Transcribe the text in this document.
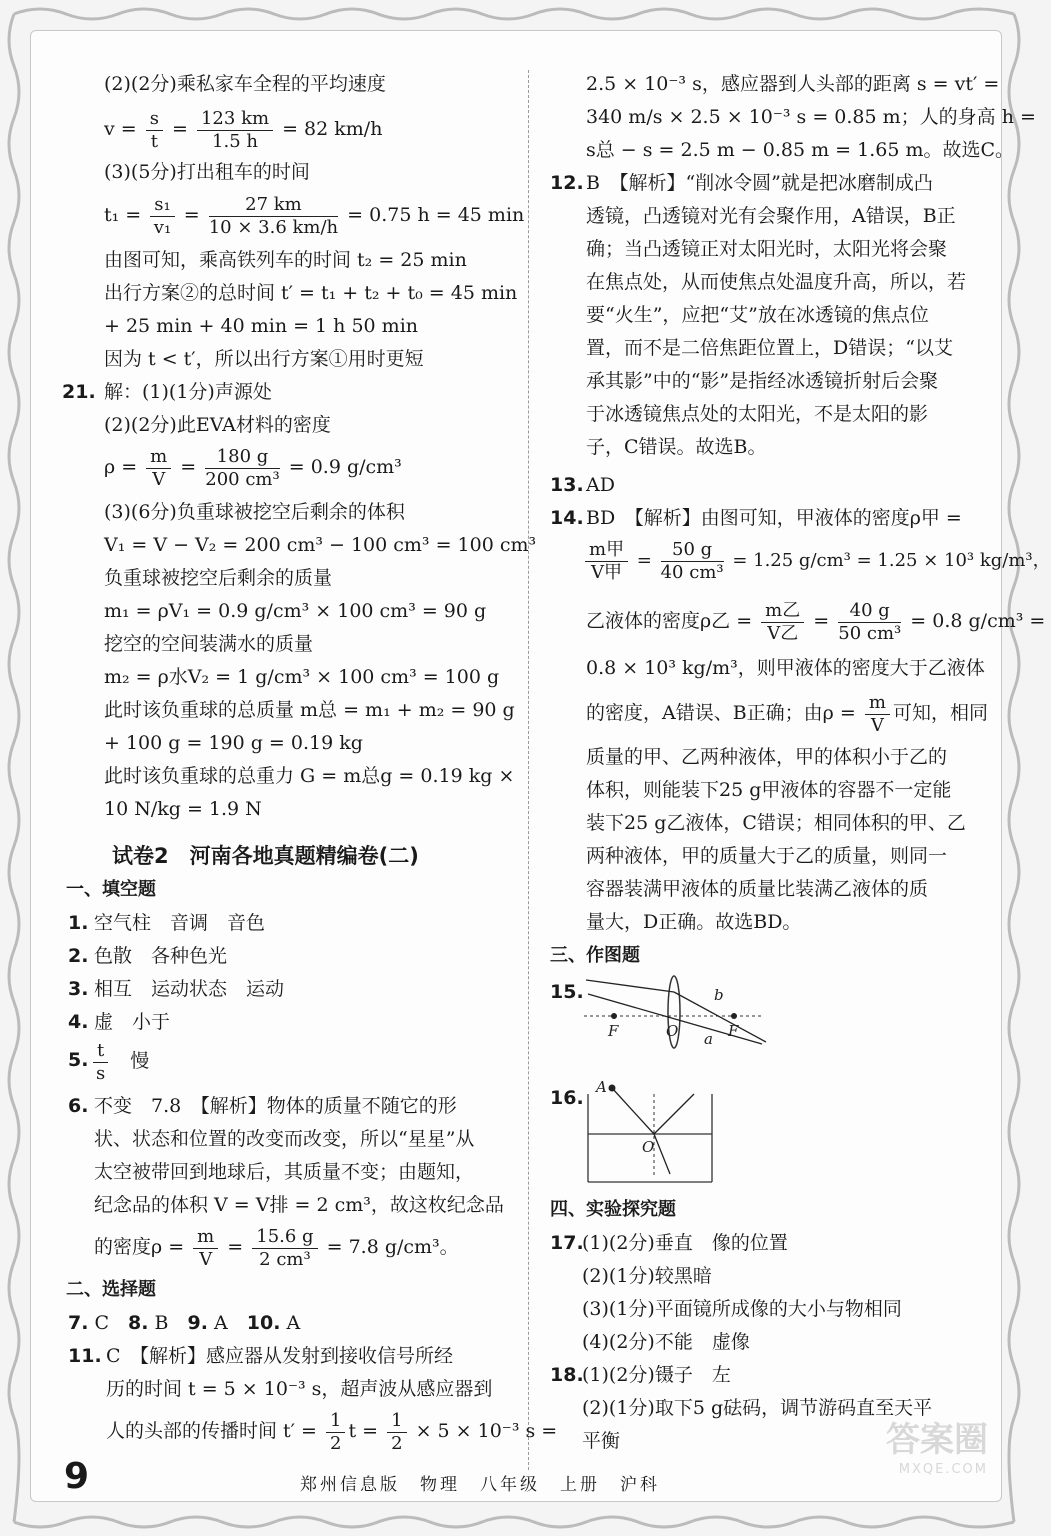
(2)(2分)乘私家车全程的平均速度
$v = \frac{s}{t} = \frac{123 km}{1.5 h} = 82$ km/h
(3)(5分)打出租车的时间
$t_1 = \frac{\text{s₁}}{\text{v₁}} = \frac{27 km}{10 \times 3.6 km/h} = 0.75$ h = 45 min
由图可知，乘高铁列车的时间 t₂ = 25 min
出行方案②的总时间 t′ = t₁ + t₂ + t₀ = 45 min
+ 25 min + 40 min = 1 h 50 min
因为 t < t′，所以出行方案①用时更短
21. 解：(1)(1分)声源处
(2)(2分)此EVA材料的密度
$\rho = \frac{m}{V} = \frac{180 g}{\text{200 cm³}} = 0.9$ g/cm³
(3)(6分)负重球被挖空后剩余的体积
V₁ = V − V₂ = 200 cm³ − 100 cm³ = 100 cm³
负重球被挖空后剩余的质量
m₁ = ρV₁ = 0.9 g/cm³ × 100 cm³ = 90 g
挖空的空间装满水的质量
m₂ = ρ水V₂ = 1 g/cm³ × 100 cm³ = 100 g
此时该负重球的总质量 m总 = m₁ + m₂ = 90 g
+ 100 g = 190 g = 0.19 kg
此时该负重球的总重力 G = m总g = 0.19 kg ×
10 N/kg = 1.9 N
试卷2　河南各地真题精编卷(二)
一、填空题
1. 空气柱　音调　音色
2. 色散　各种色光
3. 相互　运动状态　运动
4. 虚　小于
5. $\frac{t}{s}$ 　慢
6. 不变　7.8　【解析】物体的质量不随它的形
状、状态和位置的改变而改变，所以“星星”从
太空被带回到地球后，其质量不变；由题知，
纪念品的体积 V = V排 = 2 cm³，故这枚纪念品
的密度$\rho = \frac{m}{V} = \frac{15.6 g}{\text{2 cm³}} = 7.8$ g/cm³。
二、选择题
7. C　 8. B　 9. A　 10. A
11. C　【解析】感应器从发射到接收信号所经
历的时间 t = 5 × 10⁻³ s，超声波从感应器到
人的头部的传播时间 $t' = \frac{1}{2}$ $t = \frac{1}{2} \times 5 \times 10^{-3}$ s =
2.5 × 10⁻³ s，感应器到人头部的距离 s = vt′ =
340 m/s × 2.5 × 10⁻³ s = 0.85 m；人的身高 h =
s总 − s = 2.5 m − 0.85 m = 1.65 m。故选C。
12. B　【解析】“削冰令圆”就是把冰磨制成凸
透镜，凸透镜对光有会聚作用，A错误，B正
确；当凸透镜正对太阳光时，太阳光将会聚
在焦点处，从而使焦点处温度升高，所以，若
要“火生”，应把“艾”放在冰透镜的焦点位
置，而不是二倍焦距位置上，D错误；“以艾
承其影”中的“影”是指经冰透镜折射后会聚
于冰透镜焦点处的太阳光，不是太阳的影
子，C错误。故选B。
13. AD
14. BD　【解析】由图可知，甲液体的密度ρ甲 =
$\frac{\text{m甲}}{\text{V甲}} = \frac{50 g}{\text{40 cm³}} = 1.25$ g/cm³ = 1.25 × 10³ kg/m³，
乙液体的密度ρ乙 = $\frac{\text{m乙}}{\text{V乙}} = \frac{40 g}{\text{50 cm³}} = 0.8$ g/cm³ =
0.8 × 10³ kg/m³，则甲液体的密度大于乙液体
的密度，A错误、B正确；由$\rho = \frac{m}{V}$ 可知，相同
质量的甲、乙两种液体，甲的体积小于乙的
体积，则能装下25 g甲液体的容器不一定能
装下25 g乙液体，C错误；相同体积的甲、乙
两种液体，甲的质量大于乙的质量，则同一
容器装满甲液体的质量比装满乙液体的质
量大，D正确。故选BD。
三、作图题
15.
F	O	F
a
b
16. A
O
四、实验探究题
17.
(1)(2分)垂直　像的位置
(2)(1分)较黑暗
(3)(1分)平面镜所成像的大小与物相同
(4)(2分)不能　虚像
18.
(1)(2分)镊子　左
(2)(1分)取下5 g砝码，调节游码直至天平
平衡
9	郑州信息版　物理　八年级　上册　沪科
答案圈
MXQE.COM
